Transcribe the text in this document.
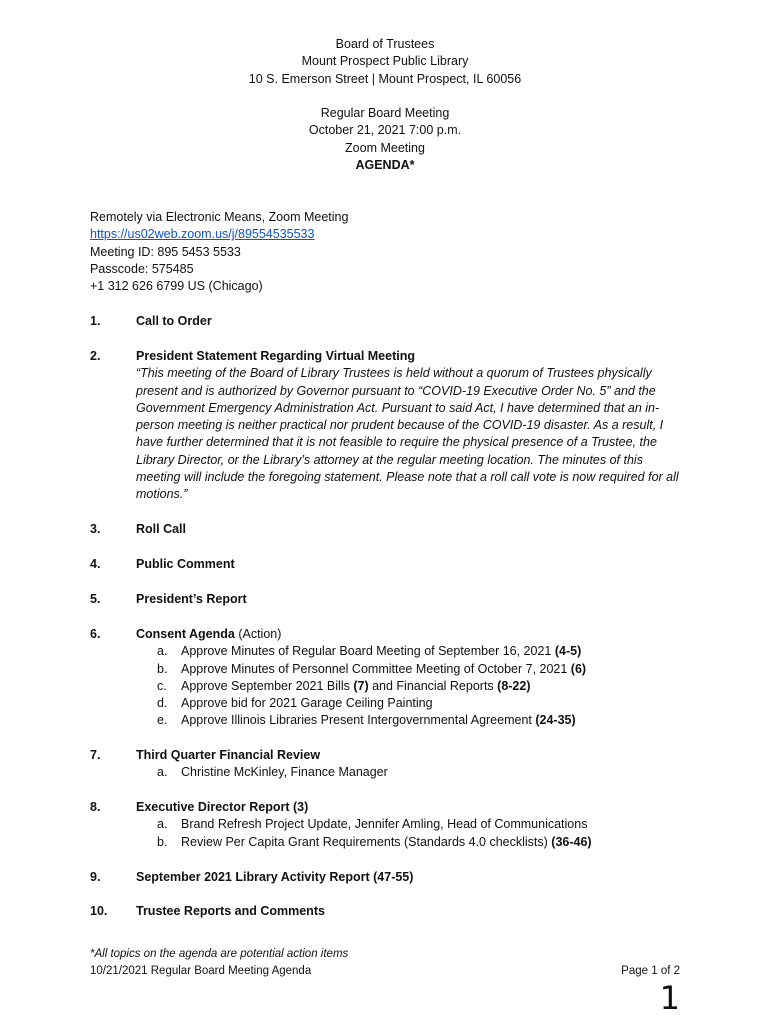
Board of Trustees
Mount Prospect Public Library
10 S. Emerson Street | Mount Prospect, IL 60056
Regular Board Meeting
October 21, 2021 7:00 p.m.
Zoom Meeting
AGENDA*
Remotely via Electronic Means, Zoom Meeting
https://us02web.zoom.us/j/89554535533
Meeting ID: 895 5453 5533
Passcode: 575485
+1 312 626 6799 US (Chicago)
1.	Call to Order
2.	President Statement Regarding Virtual Meeting
“This meeting of the Board of Library Trustees is held without a quorum of Trustees physically present and is authorized by Governor pursuant to “COVID-19 Executive Order No. 5” and the Government Emergency Administration Act. Pursuant to said Act, I have determined that an in-person meeting is neither practical nor prudent because of the COVID-19 disaster. As a result, I have further determined that it is not feasible to require the physical presence of a Trustee, the Library Director, or the Library’s attorney at the regular meeting location. The minutes of this meeting will include the foregoing statement. Please note that a roll call vote is now required for all motions.”
3.	Roll Call
4.	Public Comment
5.	President’s Report
6.	Consent Agenda (Action)
a. Approve Minutes of Regular Board Meeting of September 16, 2021 (4-5)
b. Approve Minutes of Personnel Committee Meeting of October 7, 2021 (6)
c. Approve September 2021 Bills (7) and Financial Reports (8-22)
d. Approve bid for 2021 Garage Ceiling Painting
e. Approve Illinois Libraries Present Intergovernmental Agreement (24-35)
7.	Third Quarter Financial Review
a. Christine McKinley, Finance Manager
8.	Executive Director Report (3)
a. Brand Refresh Project Update, Jennifer Amling, Head of Communications
b. Review Per Capita Grant Requirements (Standards 4.0 checklists) (36-46)
9.	September 2021 Library Activity Report (47-55)
10. Trustee Reports and Comments
*All topics on the agenda are potential action items
10/21/2021 Regular Board Meeting Agenda	Page 1 of 2
1
